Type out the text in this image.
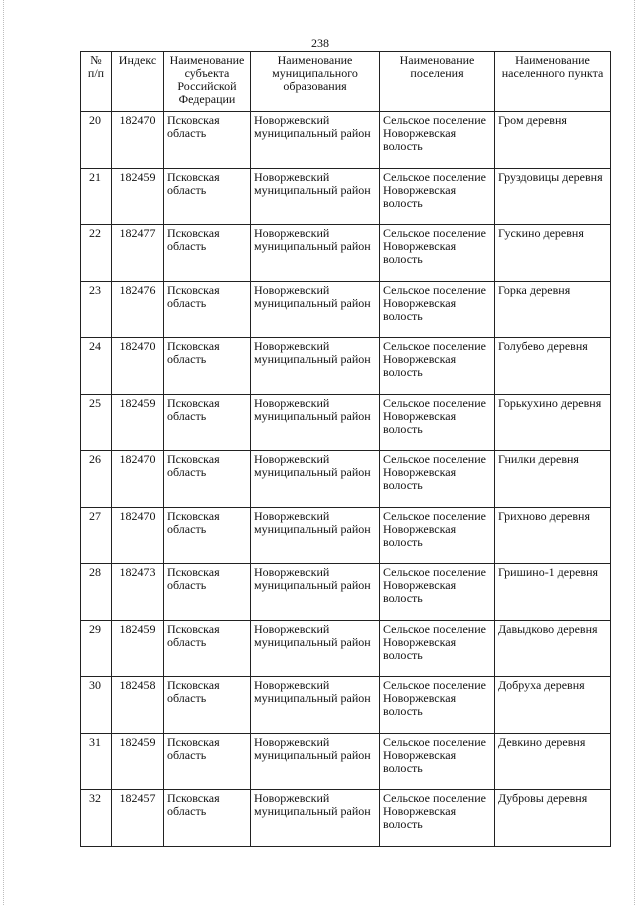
238
№ п/п	Индекс	Наименование субъекта Российской Федерации	Наименование муниципального образования	Наименование поселения	Наименование населенного пункта
20	182470	Псковская область	Новоржевский муниципальный район	Сельское поселение Новоржевская волость	Гром деревня
21	182459	Псковская область	Новоржевский муниципальный район	Сельское поселение Новоржевская волость	Груздовицы деревня
22	182477	Псковская область	Новоржевский муниципальный район	Сельское поселение Новоржевская волость	Гускино деревня
23	182476	Псковская область	Новоржевский муниципальный район	Сельское поселение Новоржевская волость	Горка деревня
24	182470	Псковская область	Новоржевский муниципальный район	Сельское поселение Новоржевская волость	Голубево деревня
25	182459	Псковская область	Новоржевский муниципальный район	Сельское поселение Новоржевская волость	Горькухино деревня
26	182470	Псковская область	Новоржевский муниципальный район	Сельское поселение Новоржевская волость	Гнилки деревня
27	182470	Псковская область	Новоржевский муниципальный район	Сельское поселение Новоржевская волость	Грихново деревня
28	182473	Псковская область	Новоржевский муниципальный район	Сельское поселение Новоржевская волость	Гришино-1 деревня
29	182459	Псковская область	Новоржевский муниципальный район	Сельское поселение Новоржевская волость	Давыдково деревня
30	182458	Псковская область	Новоржевский муниципальный район	Сельское поселение Новоржевская волость	Добруха деревня
31	182459	Псковская область	Новоржевский муниципальный район	Сельское поселение Новоржевская волость	Девкино деревня
32	182457	Псковская область	Новоржевский муниципальный район	Сельское поселение Новоржевская волость	Дубровы деревня
